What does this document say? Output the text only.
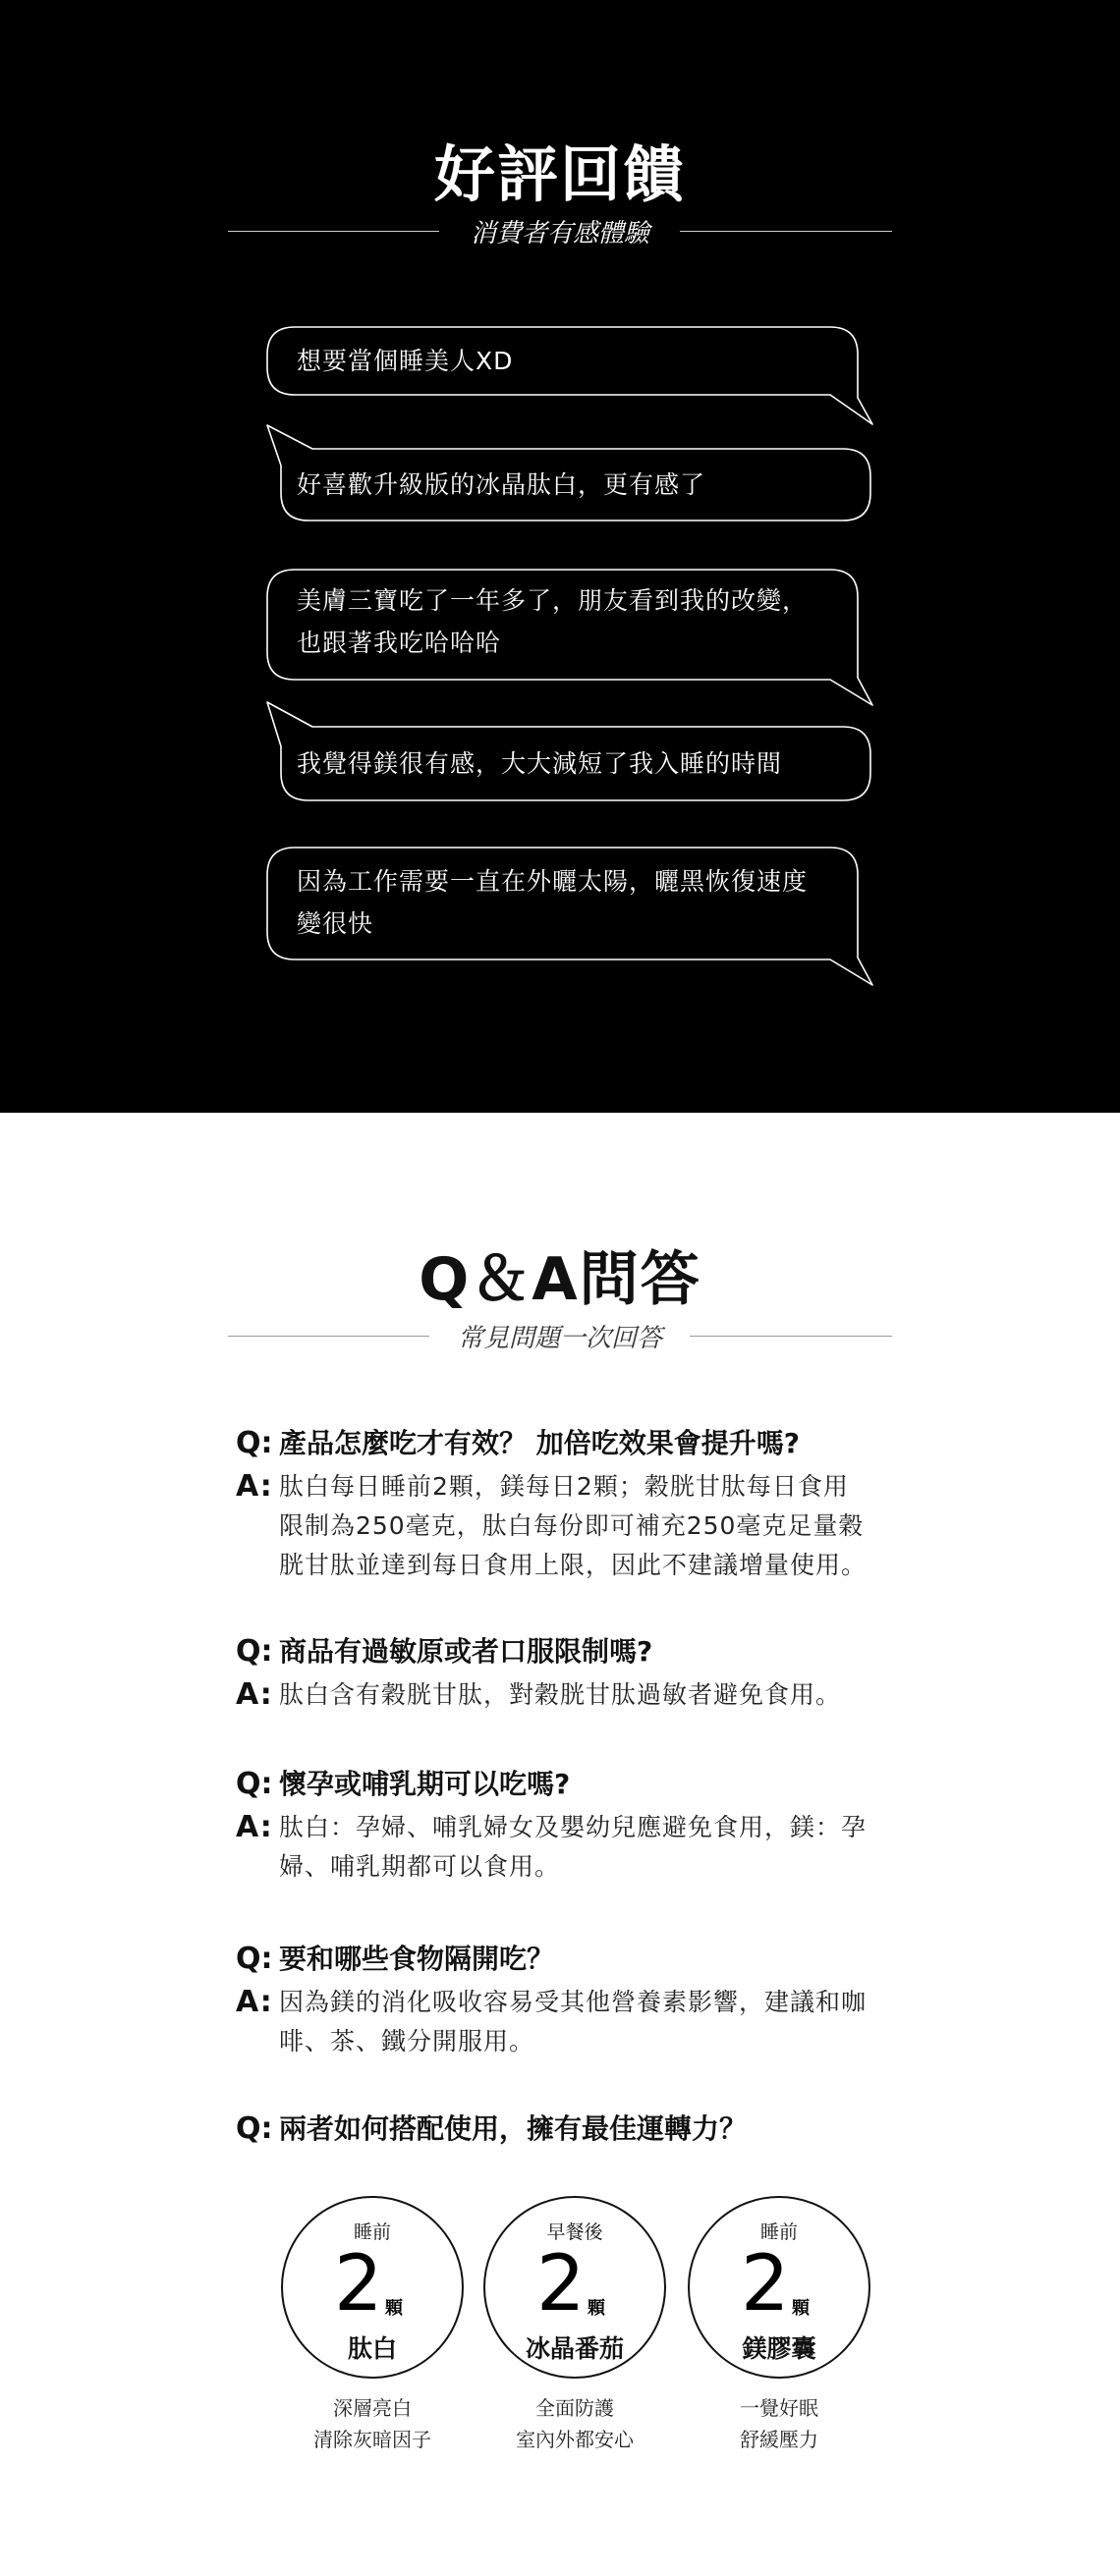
好評回饋
消費者有感體驗
想要當個睡美人XD
好喜歡升級版的冰晶肽白，更有感了
美膚三寶吃了一年多了，朋友看到我的改變，
也跟著我吃哈哈哈
我覺得鎂很有感，大大減短了我入睡的時間
因為工作需要一直在外曬太陽，曬黑恢復速度
變很快
Q＆A問答
常見問題一次回答
Q: 產品怎麼吃才有效？ 加倍吃效果會提升嗎?
A: 肽白每日睡前2顆，鎂每日2顆；穀胱甘肽每日食用
限制為250毫克，肽白每份即可補充250毫克足量穀
胱甘肽並達到每日食用上限，因此不建議增量使用。
Q: 商品有過敏原或者口服限制嗎?
A: 肽白含有穀胱甘肽，對穀胱甘肽過敏者避免食用。
Q: 懷孕或哺乳期可以吃嗎?
A: 肽白：孕婦、哺乳婦女及嬰幼兒應避免食用，鎂：孕
婦、哺乳期都可以食用。
Q: 要和哪些食物隔開吃？
A: 因為鎂的消化吸收容易受其他營養素影響，建議和咖
啡、茶、鐵分開服用。
Q: 兩者如何搭配使用，擁有最佳運轉力？
睡前
2 顆
肽白
早餐後
2 顆
冰晶番茄
睡前
2 顆
鎂膠囊
深層亮白
清除灰暗因子
全面防護
室內外都安心
一覺好眠
舒緩壓力
